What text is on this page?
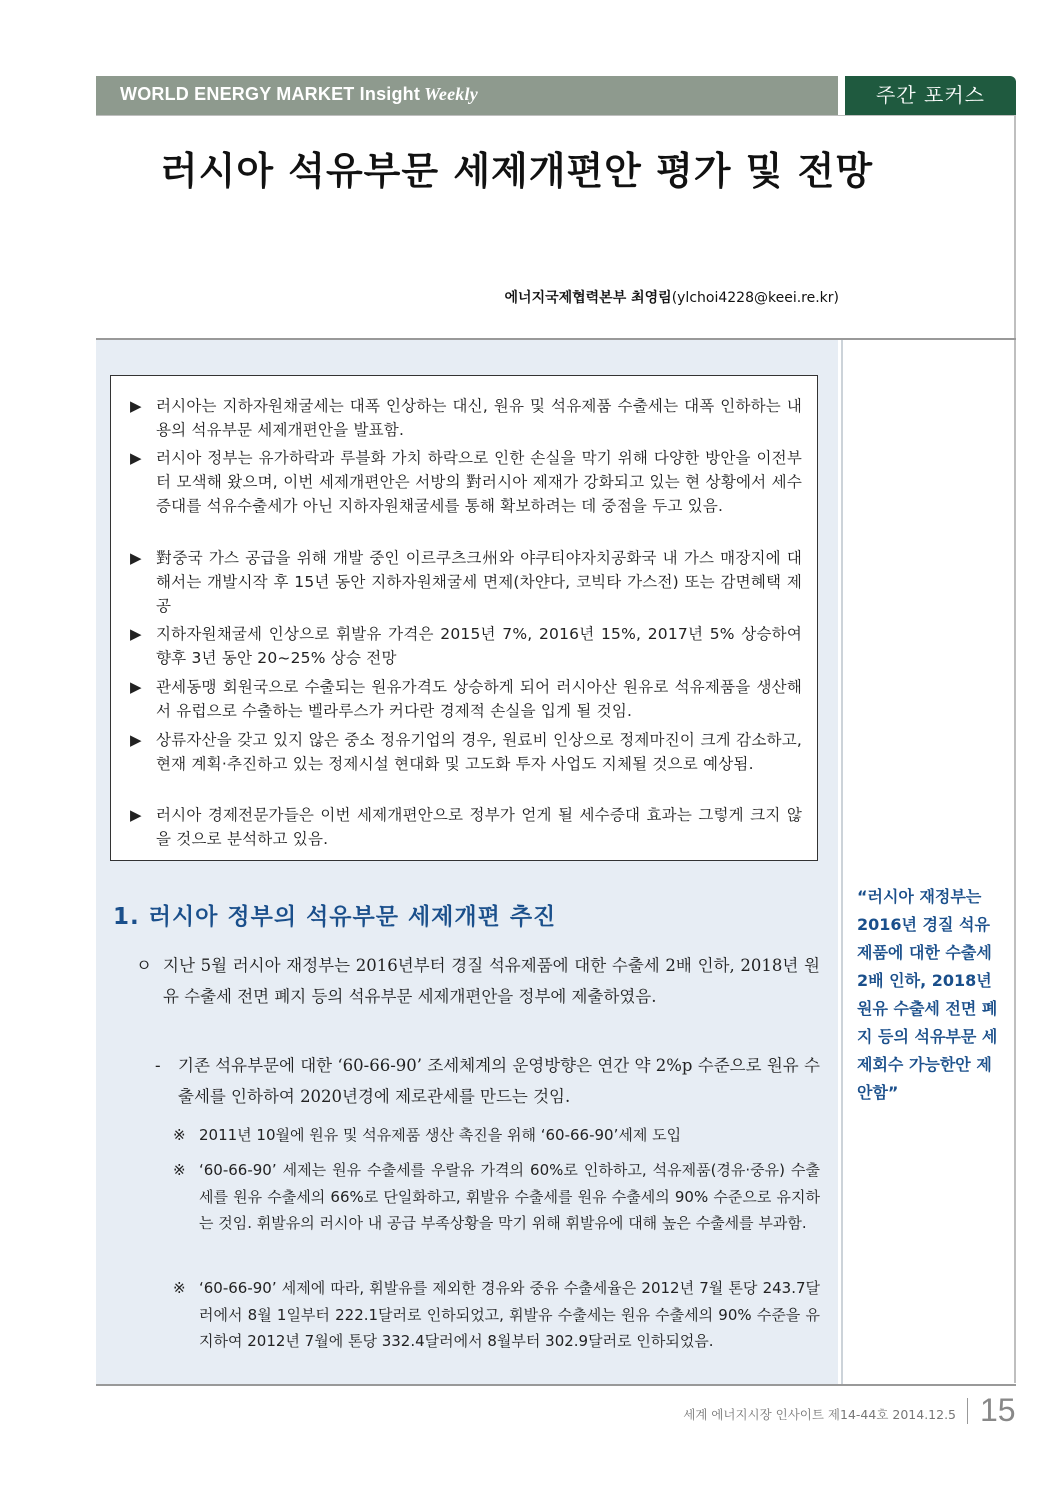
WORLD ENERGY MARKET Insight Weekly	주간 포커스
러시아 석유부문 세제개편안 평가 및 전망
에너지국제협력본부 최영림(ylchoi4228@keei.re.kr)
▶ 러시아는 지하자원채굴세는 대폭 인상하는 대신, 원유 및 석유제품 수출세는 대폭 인하하는 내용의 석유부문 세제개편안을 발표함.
▶ 러시아 정부는 유가하락과 루블화 가치 하락으로 인한 손실을 막기 위해 다양한 방안을 이전부터 모색해 왔으며, 이번 세제개편안은 서방의 對러시아 제재가 강화되고 있는 현 상황에서 세수 증대를 석유수출세가 아닌 지하자원채굴세를 통해 확보하려는 데 중점을 두고 있음.
▶ 對중국 가스 공급을 위해 개발 중인 이르쿠츠크州와 야쿠티야자치공화국 내 가스 매장지에 대해서는 개발시작 후 15년 동안 지하자원채굴세 면제(차얀다, 코빅타 가스전) 또는 감면혜택 제공
▶ 지하자원채굴세 인상으로 휘발유 가격은 2015년 7%, 2016년 15%, 2017년 5% 상승하여 향후 3년 동안 20~25% 상승 전망
▶ 관세동맹 회원국으로 수출되는 원유가격도 상승하게 되어 러시아산 원유로 석유제품을 생산해서 유럽으로 수출하는 벨라루스가 커다란 경제적 손실을 입게 될 것임.
▶ 상류자산을 갖고 있지 않은 중소 정유기업의 경우, 원료비 인상으로 정제마진이 크게 감소하고, 현재 계획·추진하고 있는 정제시설 현대화 및 고도화 투자 사업도 지체될 것으로 예상됨.
▶ 러시아 경제전문가들은 이번 세제개편안으로 정부가 얻게 될 세수증대 효과는 그렇게 크지 않을 것으로 분석하고 있음.
1. 러시아 정부의 석유부문 세제개편 추진
ㅇ 지난 5월 러시아 재정부는 2016년부터 경질 석유제품에 대한 수출세 2배 인하, 2018년 원유 수출세 전면 폐지 등의 석유부문 세제개편안을 정부에 제출하였음.
-	기존 석유부문에 대한 ‘60-66-90’ 조세체계의 운영방향은 연간 약 2%p 수준으로 원유 수출세를 인하하여 2020년경에 제로관세를 만드는 것임.
※ 2011년 10월에 원유 및 석유제품 생산 촉진을 위해 ‘60-66-90’세제 도입
※ ‘60-66-90’ 세제는 원유 수출세를 우랄유 가격의 60%로 인하하고, 석유제품(경유·중유) 수출세를 원유 수출세의 66%로 단일화하고, 휘발유 수출세를 원유 수출세의 90% 수준으로 유지하는 것임. 휘발유의 러시아 내 공급 부족상황을 막기 위해 휘발유에 대해 높은 수출세를 부과함.
※ ‘60-66-90’ 세제에 따라, 휘발유를 제외한 경유와 중유 수출세율은 2012년 7월 톤당 243.7달러에서 8월 1일부터 222.1달러로 인하되었고, 휘발유 수출세는 원유 수출세의 90% 수준을 유지하여 2012년 7월에 톤당 332.4달러에서 8월부터 302.9달러로 인하되었음.
“러시아 재정부는 2016년 경질 석유제품에 대한 수출세 2배 인하, 2018년 원유 수출세 전면 폐지 등의 석유부문 세제회수 가능한안 제안함”
세계 에너지시장 인사이트 제14-44호 2014.12.5 15
